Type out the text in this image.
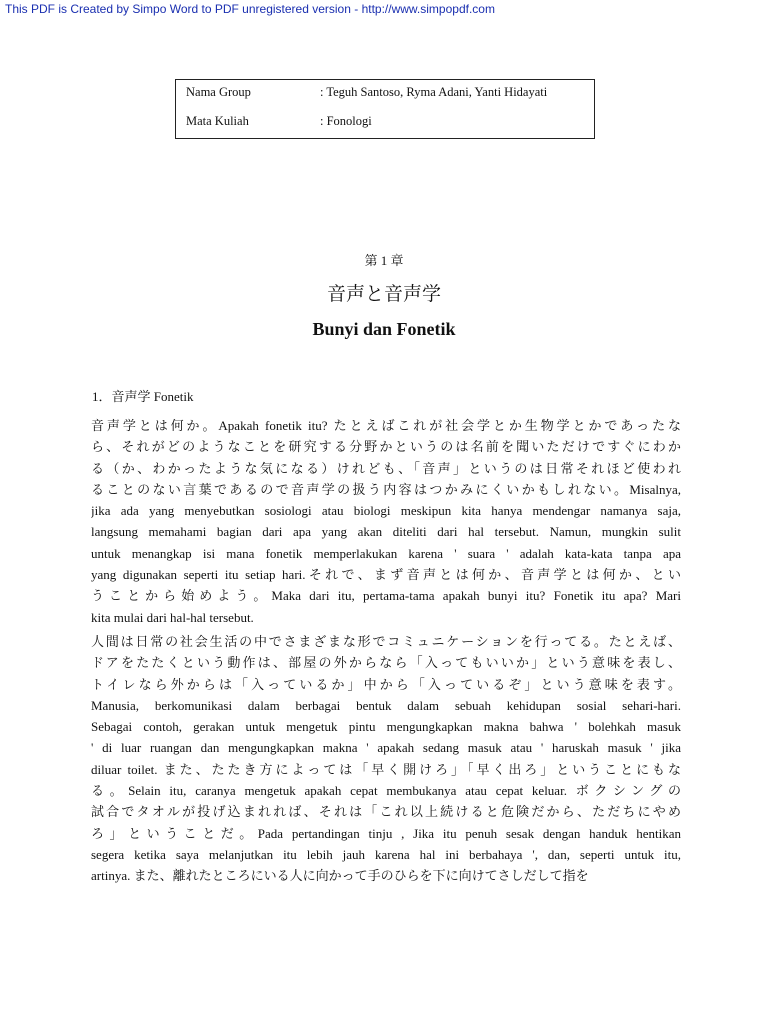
This PDF is Created by Simpo Word to PDF unregistered version - http://www.simpopdf.com
Nama Group	: Teguh Santoso, Ryma Adani, Yanti Hidayati
Mata Kuliah	: Fonologi
第 1 章
音声と音声学
Bunyi dan Fonetik
1．音声学 Fonetik
音声学とは何か。Apakah fonetik itu? たとえばこれが社会学とか生物学とかであったな
ら、それがどのようなことを研究する分野かというのは名前を聞いただけですぐにわか
る（か、わかったような気になる）けれども、「音声」というのは日常それほど使われ
ることのない言葉であるので音声学の扱う内容はつかみにくいかもしれない。Misalnya,
jika ada yang menyebutkan sosiologi atau biologi meskipun kita hanya mendengar namanya saja,
langsung memahami bagian dari apa yang akan diteliti dari hal tersebut. Namun, mungkin sulit
untuk menangkap isi mana fonetik memperlakukan karena ' suara ' adalah kata-kata tanpa apa
yang digunakan seperti itu setiap hari.それで、まず音声とは何か、音声学とは何か、とい
うことから始めよう。Maka dari itu, pertama-tama apakah bunyi itu? Fonetik itu apa? Mari
kita mulai dari hal-hal tersebut.
人間は日常の社会生活の中でさまざまな形でコミュニケーションを行ってる。たとえば、
ドアをたたくという動作は、部屋の外からなら「入ってもいいか」という意味を表し、
トイレなら外からは「入っているか」中から「入っているぞ」という意味を表す。
Manusia, berkomunikasi dalam berbagai bentuk dalam sebuah kehidupan sosial sehari-hari.
Sebagai contoh, gerakan untuk mengetuk pintu mengungkapkan makna bahwa ' bolehkah masuk
' di luar ruangan dan mengungkapkan makna ' apakah sedang masuk atau ' haruskah masuk ' jika
diluar toilet. また、たたき方によっては「早く開けろ」「早く出ろ」ということにもな
る。Selain itu, caranya mengetuk apakah cepat membukanya atau cepat keluar. ボクシングの
試合でタオルが投げ込まれれば、それは「これ以上続けると危険だから、ただちにやめ
ろ」ということだ。Pada pertandingan tinju , Jika itu penuh sesak dengan handuk hentikan
segera ketika saya melanjutkan itu lebih jauh karena hal ini berbahaya ', dan, seperti untuk itu,
artinya. また、離れたところにいる人に向かって手のひらを下に向けてさしだして指を
